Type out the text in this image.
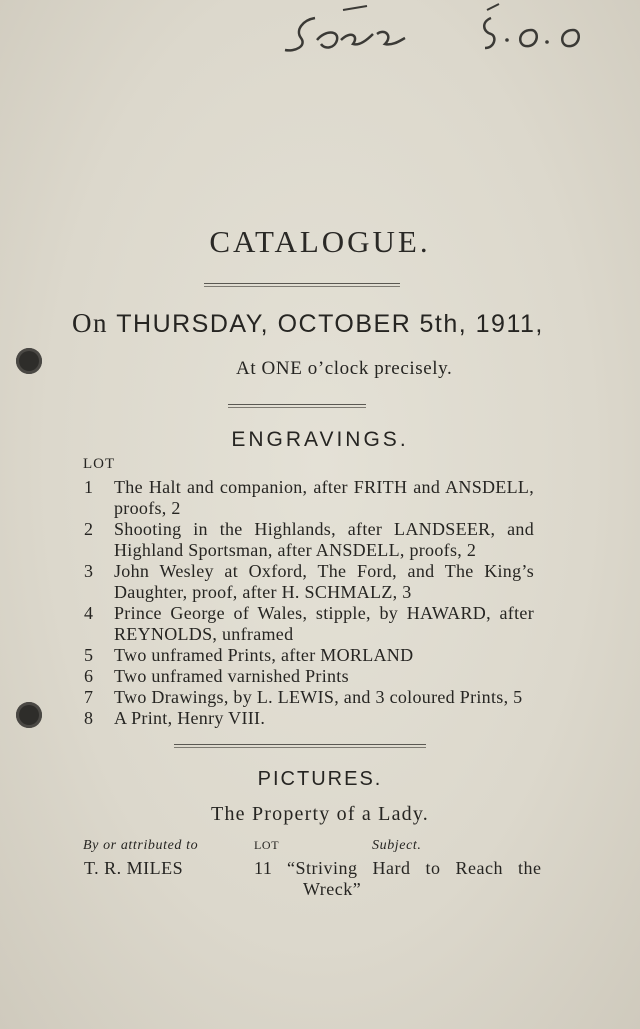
CATALOGUE.
On THURSDAY, OCTOBER 5th, 1911,
At ONE o’clock precisely.
ENGRAVINGS.
LOT
1	The Halt and companion, after FRITH and ANSDELL, proofs, 2
2	Shooting in the Highlands, after LANDSEER, and Highland Sportsman, after ANSDELL, proofs, 2
3	John Wesley at Oxford, The Ford, and The King’s Daughter, proof, after H. SCHMALZ, 3
4	Prince George of Wales, stipple, by HAWARD, after REYNOLDS, unframed
5	Two unframed Prints, after MORLAND
6	Two unframed varnished Prints
7	Two Drawings, by L. LEWIS, and 3 coloured Prints, 5
8	A Print, Henry VIII.
PICTURES.
The Property of a Lady.
By or attributed to	LOT	Subject.
T. R. MILES	11 “Striving Hard to Reach the
Wreck”
